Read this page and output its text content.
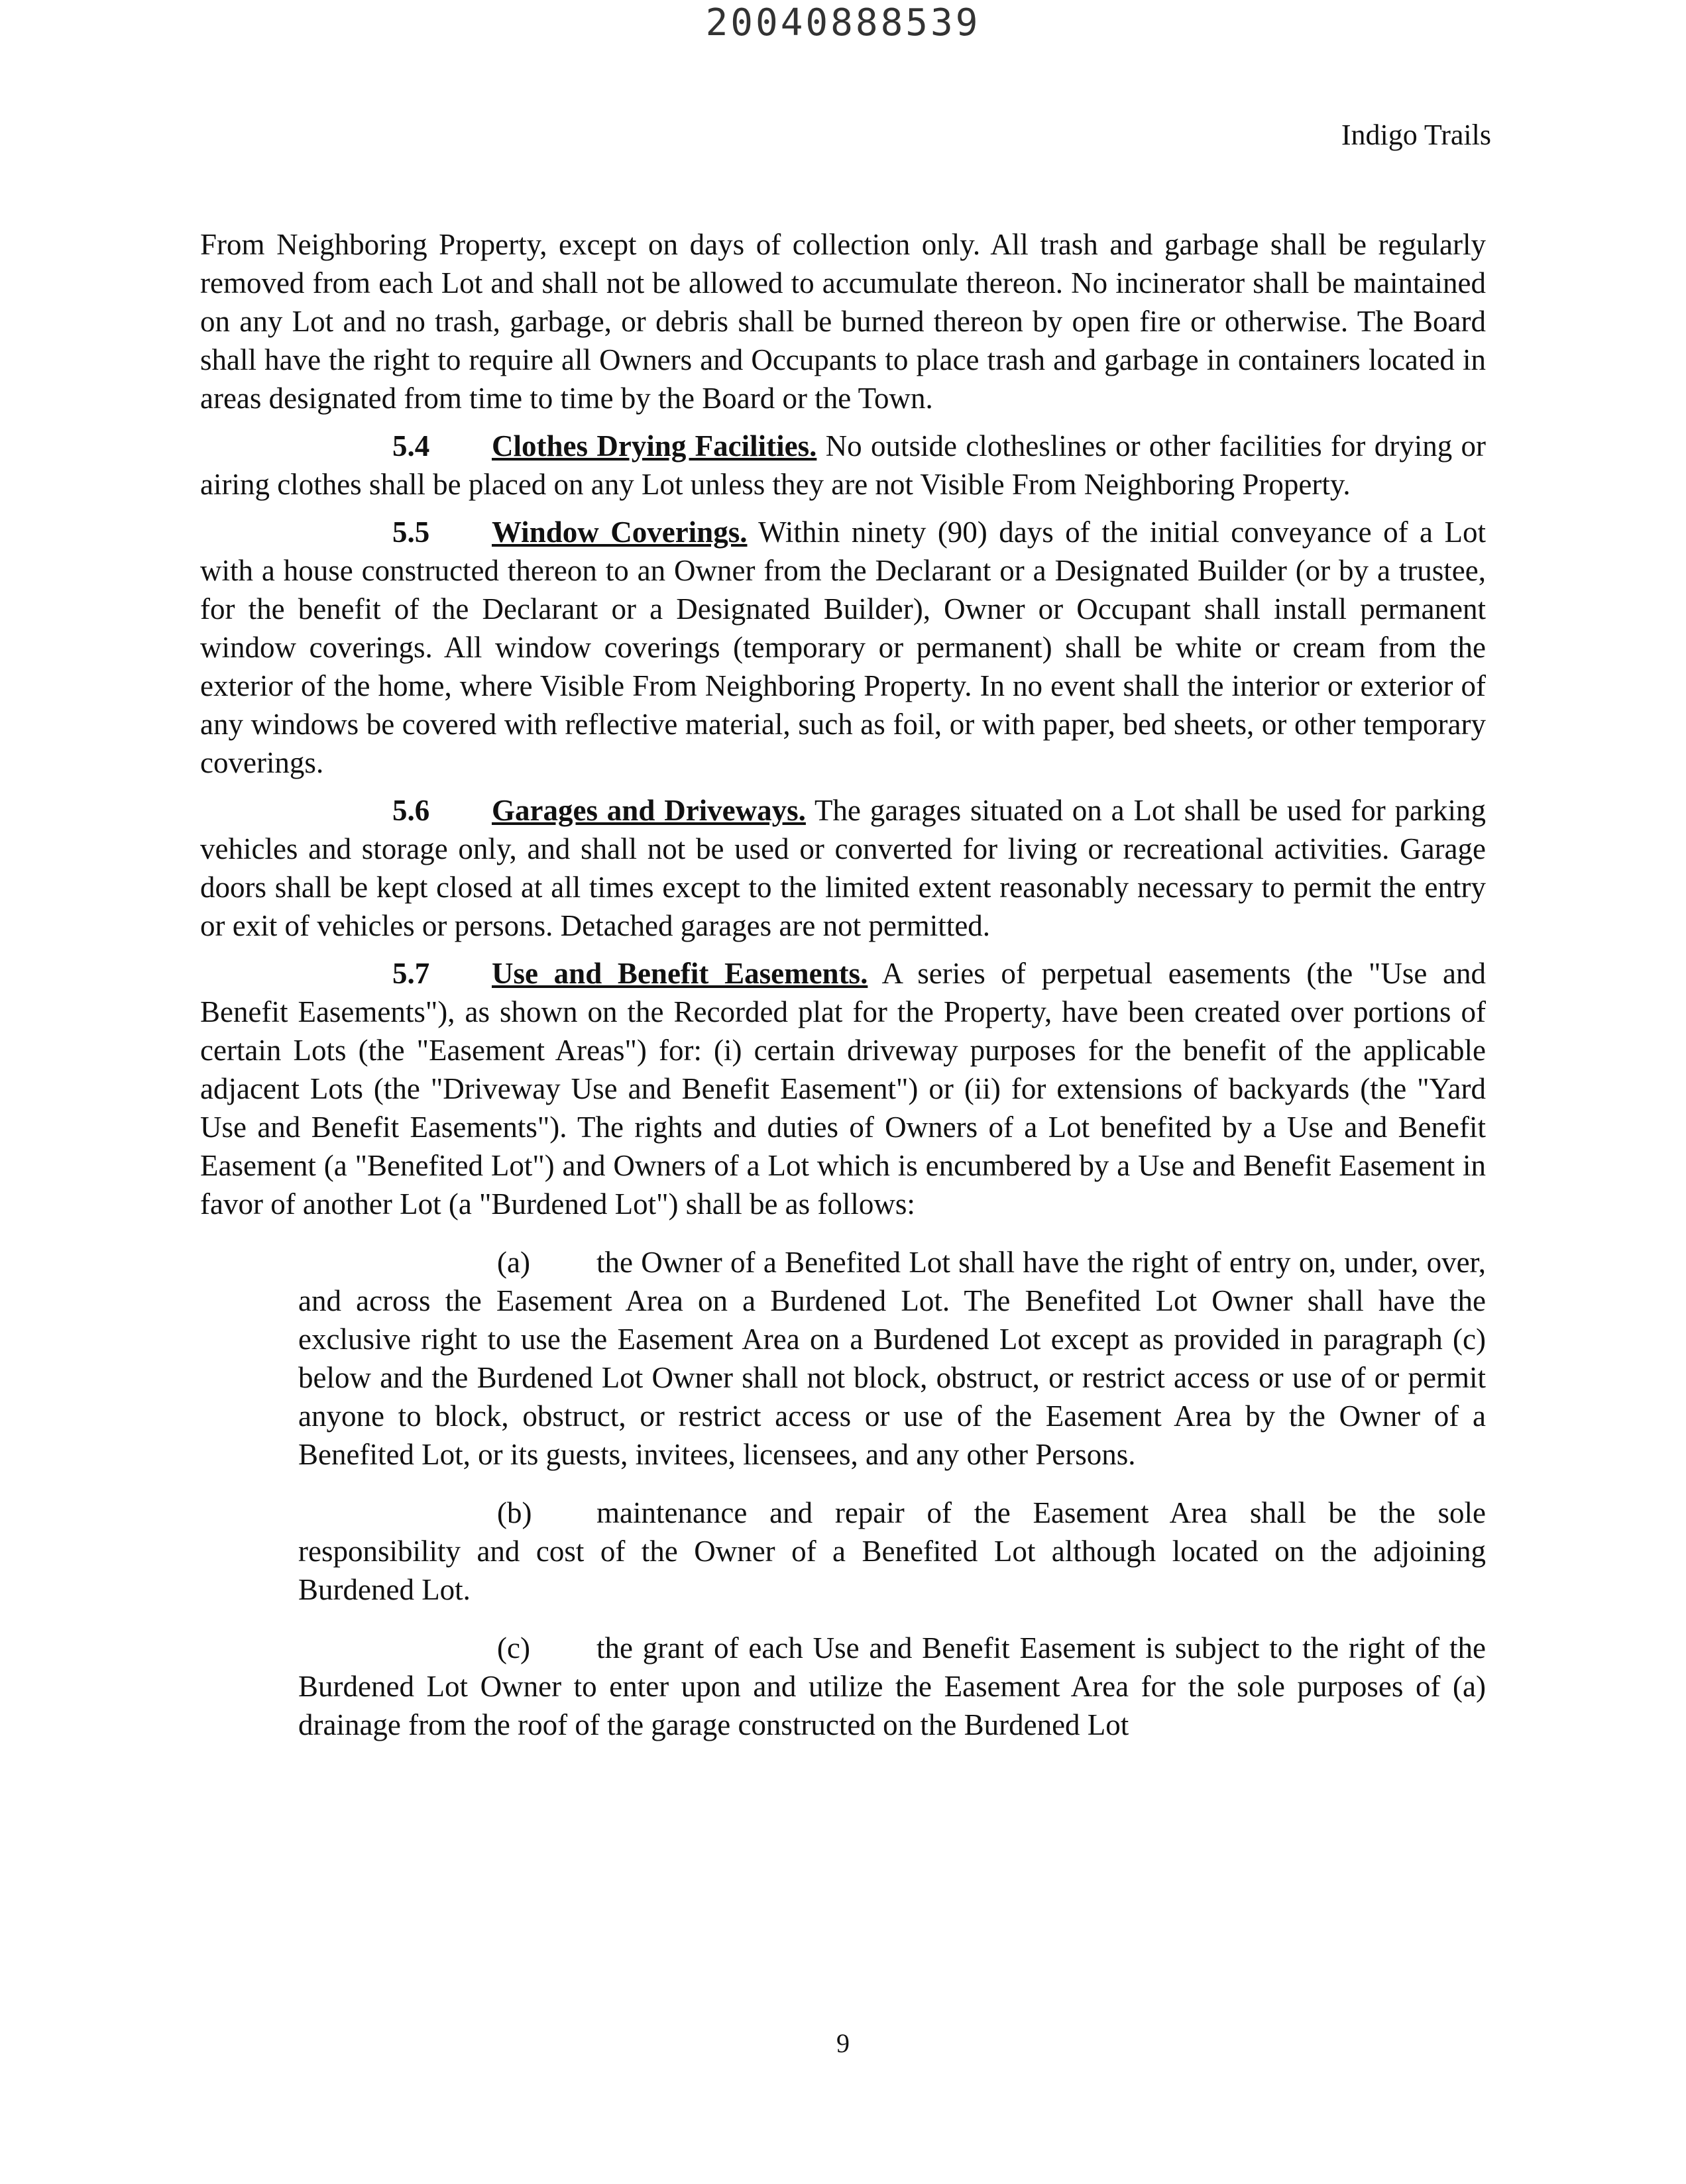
20040888539
Indigo Trails

From Neighboring Property, except on days of collection only. All trash and garbage shall be regularly removed from each Lot and shall not be allowed to accumulate thereon. No incinerator shall be maintained on any Lot and no trash, garbage, or debris shall be burned thereon by open fire or otherwise. The Board shall have the right to require all Owners and Occupants to place trash and garbage in containers located in areas designated from time to time by the Board or the Town.

5.4 Clothes Drying Facilities. No outside clotheslines or other facilities for drying or airing clothes shall be placed on any Lot unless they are not Visible From Neighboring Property.

5.5 Window Coverings. Within ninety (90) days of the initial conveyance of a Lot with a house constructed thereon to an Owner from the Declarant or a Designated Builder (or by a trustee, for the benefit of the Declarant or a Designated Builder), Owner or Occupant shall install permanent window coverings. All window coverings (temporary or permanent) shall be white or cream from the exterior of the home, where Visible From Neighboring Property. In no event shall the interior or exterior of any windows be covered with reflective material, such as foil, or with paper, bed sheets, or other temporary coverings.

5.6 Garages and Driveways. The garages situated on a Lot shall be used for parking vehicles and storage only, and shall not be used or converted for living or recreational activities. Garage doors shall be kept closed at all times except to the limited extent reasonably necessary to permit the entry or exit of vehicles or persons. Detached garages are not permitted.

5.7 Use and Benefit Easements. A series of perpetual easements (the "Use and Benefit Easements"), as shown on the Recorded plat for the Property, have been created over portions of certain Lots (the "Easement Areas") for: (i) certain driveway purposes for the benefit of the applicable adjacent Lots (the "Driveway Use and Benefit Easement") or (ii) for extensions of backyards (the "Yard Use and Benefit Easements"). The rights and duties of Owners of a Lot benefited by a Use and Benefit Easement (a "Benefited Lot") and Owners of a Lot which is encumbered by a Use and Benefit Easement in favor of another Lot (a "Burdened Lot") shall be as follows:

(a) the Owner of a Benefited Lot shall have the right of entry on, under, over, and across the Easement Area on a Burdened Lot. The Benefited Lot Owner shall have the exclusive right to use the Easement Area on a Burdened Lot except as provided in paragraph (c) below and the Burdened Lot Owner shall not block, obstruct, or restrict access or use of or permit anyone to block, obstruct, or restrict access or use of the Easement Area by the Owner of a Benefited Lot, or its guests, invitees, licensees, and any other Persons.

(b) maintenance and repair of the Easement Area shall be the sole responsibility and cost of the Owner of a Benefited Lot although located on the adjoining Burdened Lot.

(c) the grant of each Use and Benefit Easement is subject to the right of the Burdened Lot Owner to enter upon and utilize the Easement Area for the sole purposes of (a) drainage from the roof of the garage constructed on the Burdened Lot

9
